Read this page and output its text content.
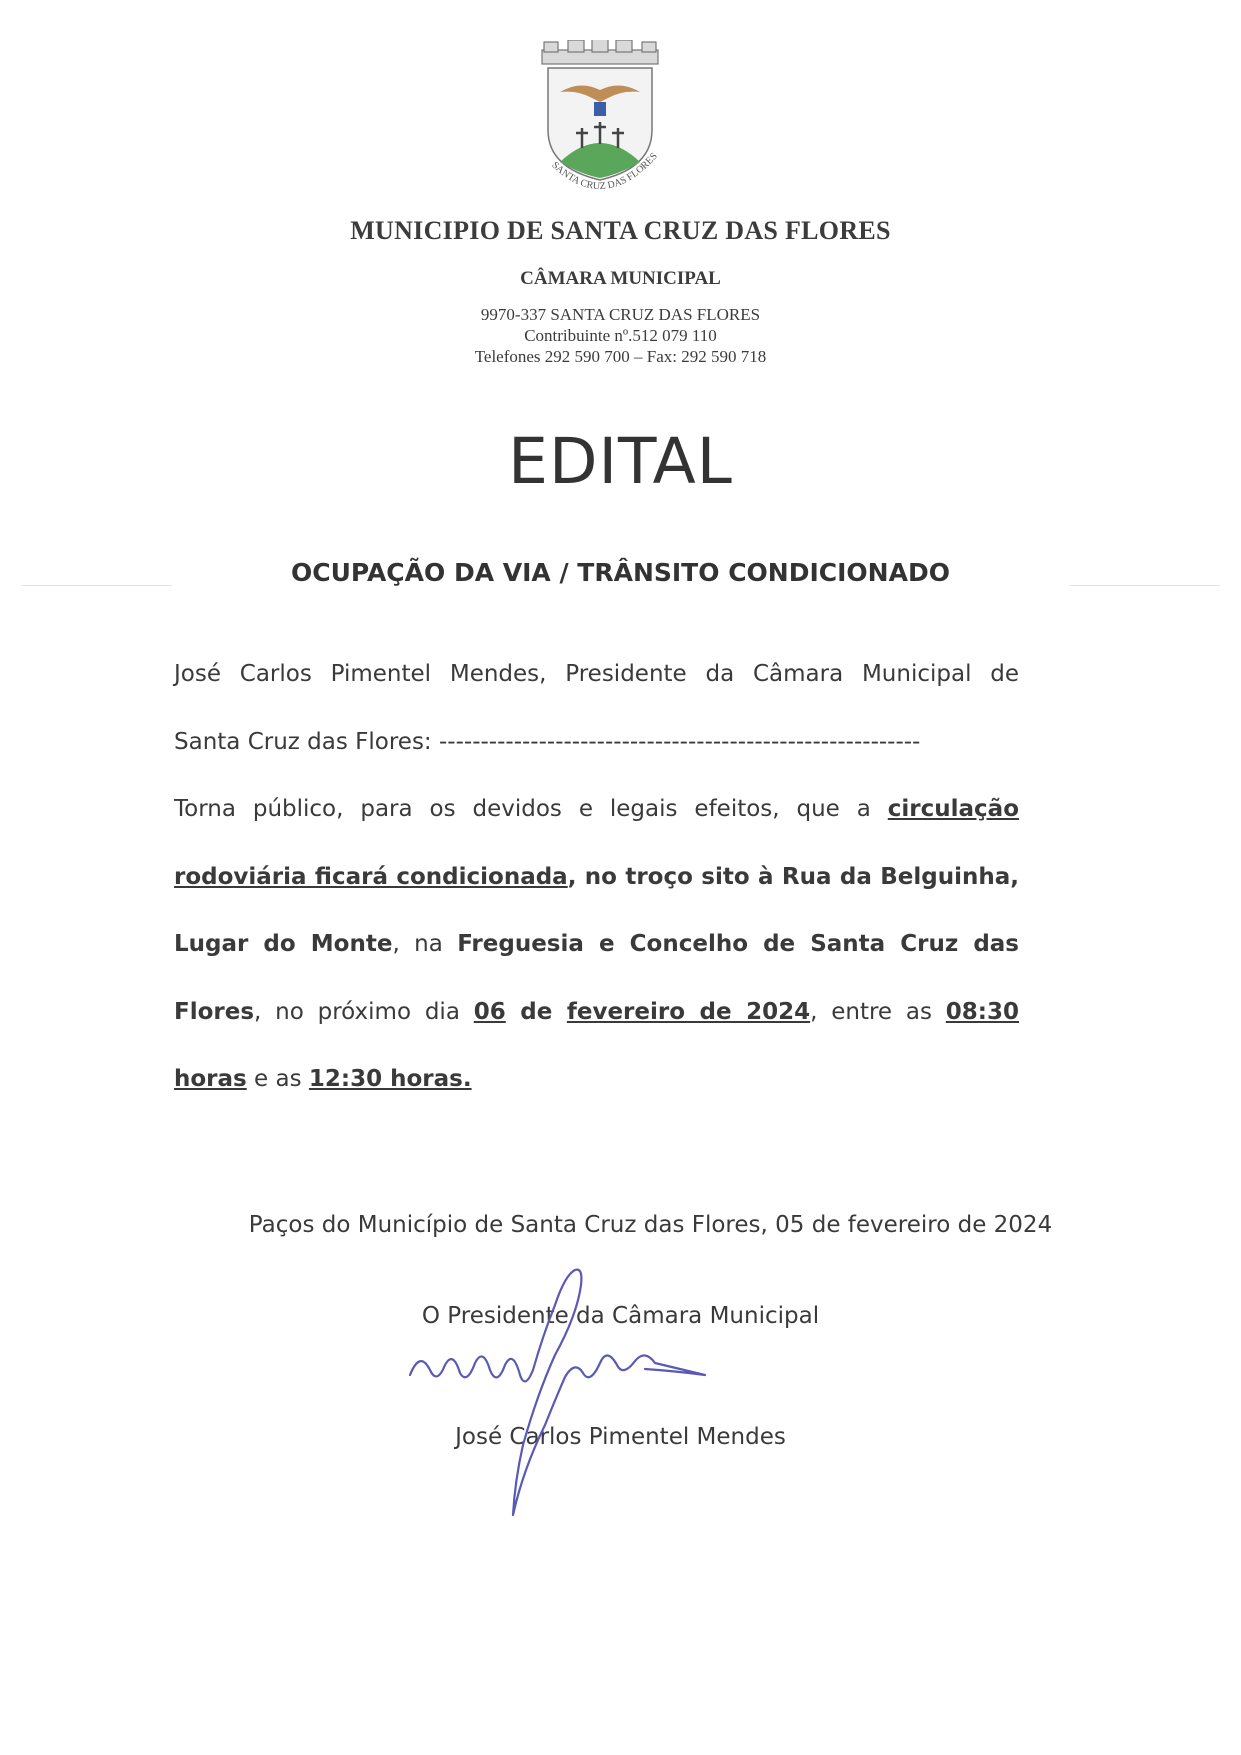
SANTA CRUZ DAS FLORES
MUNICIPIO DE SANTA CRUZ DAS FLORES
CÂMARA MUNICIPAL
9970-337 SANTA CRUZ DAS FLORES
Contribuinte nº.512 079 110
Telefones 292 590 700 – Fax: 292 590 718
EDITAL
OCUPAÇÃO DA VIA / TRÂNSITO CONDICIONADO

José Carlos Pimentel Mendes, Presidente da Câmara Municipal de

Santa Cruz das Flores: ----------------------------------------------------------

Torna público, para os devidos e legais efeitos, que a circulação rodoviária ficará condicionada, no troço sito à Rua da Belguinha, Lugar do Monte, na Freguesia e Concelho de Santa Cruz das Flores, no próximo dia 06 de fevereiro de 2024, entre as 08:30 horas e as 12:30 horas.

Paços do Município de Santa Cruz das Flores, 05 de fevereiro de 2024
O Presidente da Câmara Municipal
José Carlos Pimentel Mendes
